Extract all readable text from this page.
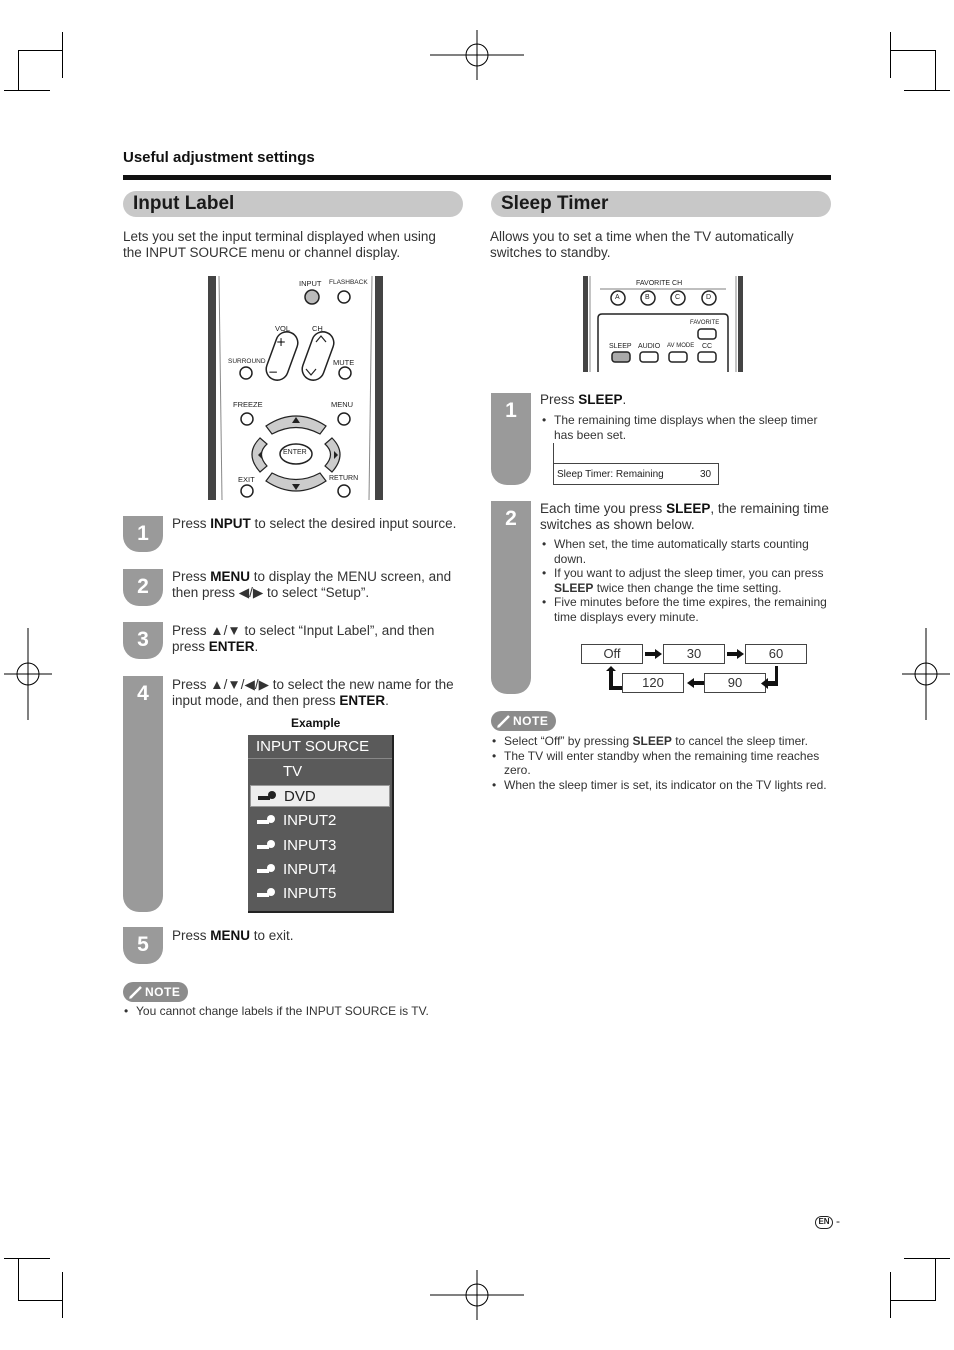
Useful adjustment settings
Input Label
Lets you set the input terminal displayed when using the INPUT SOURCE menu or channel display.
+
−
INPUT FLASHBACK
VOL	CH
SURROUND	MUTE
FREEZE	MENU
ENTER
EXIT	RETURN
1
2
3
4
5
Press INPUT to select the desired input source.
Press MENU to display the MENU screen, and then press ◀/▶ to select “Setup”.
Press ▲/▼ to select “Input Label”, and then press ENTER.
Press ▲/▼/◀/▶ to select the new name for the input mode, and then press ENTER.
Example
INPUT SOURCE
TV
DVD
INPUT2
INPUT3
INPUT4
INPUT5
Press MENU to exit.
NOTE
• You cannot change labels if the INPUT SOURCE is TV.
Sleep Timer
Allows you to set a time when the TV automatically switches to standby.
FAVORITE CH
A	B	C	D
FAVORITE
SLEEP AUDIO AV MODE CC
1
2
Press SLEEP.
• The remaining time displays when the sleep timer has been set.
Sleep Timer: Remaining	30
Each time you press SLEEP, the remaining time switches as shown below.
• When set, the time automatically starts counting down.
• If you want to adjust the sleep timer, you can press SLEEP twice then change the time setting.
• Five minutes before the time expires, the remaining time displays every minute.
Off	30	60
120	90
NOTE
• Select “Off” by pressing SLEEP to cancel the sleep timer.
• The TV will enter standby when the remaining time reaches zero.
• When the sleep timer is set, its indicator on the TV lights red.
EN -
